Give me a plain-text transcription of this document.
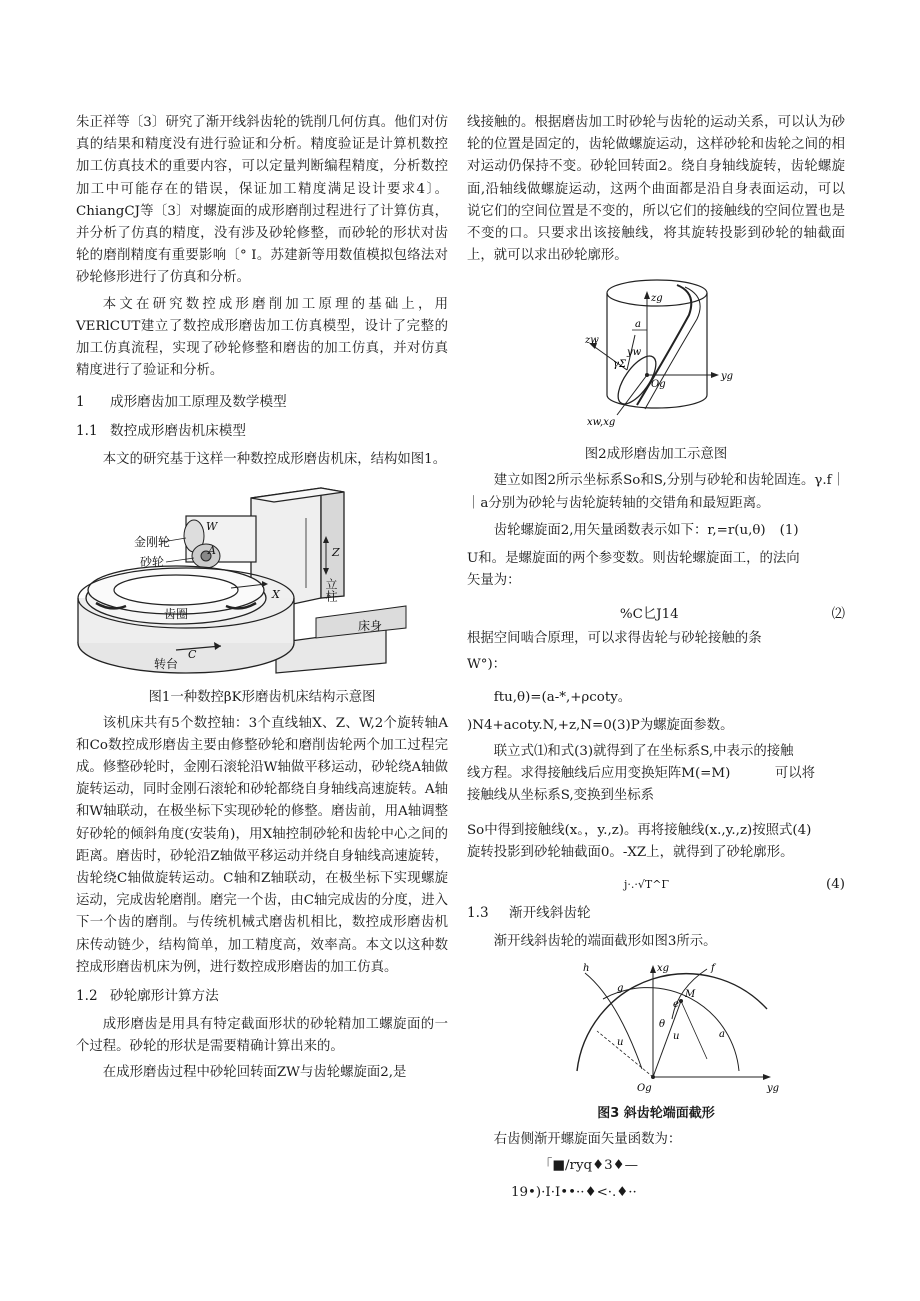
朱正祥等〔3〕研究了渐开线斜齿轮的铣削几何仿真。他们对仿真的结果和精度没有进行验证和分析。精度验证是计算机数控加工仿真技术的重要内容，可以定量判断编程精度，分析数控加工中可能存在的错误，保证加工精度满足设计要求4〕。ChiangCJ等〔3〕对螺旋面的成形磨削过程进行了计算仿真，并分析了仿真的精度，没有涉及砂轮修整，而砂轮的形状对齿轮的磨削精度有重要影响〔° I。苏建新等用数值模拟包络法对砂轮修形进行了仿真和分析。

本文在研究数控成形磨削加工原理的基础上，用VERlCUT建立了数控成形磨齿加工仿真模型，设计了完整的加工仿真流程，实现了砂轮修整和磨齿的加工仿真，并对仿真精度进行了验证和分析。

1 成形磨齿加工原理及数学模型
1.1 数控成形磨齿机床模型

本文的研究基于这样一种数控成形磨齿机床，结构如图1。

金刚轮
砂轮
齿圈
立柱
床身
转台
W
A	Z
X
C
图1一种数控βK形磨齿机床结构示意图

该机床共有5个数控轴：3个直线轴X、Z、W,2个旋转轴A和Co数控成形磨齿主要由修整砂轮和磨削齿轮两个加工过程完成。修整砂轮时，金刚石滚轮沿W轴做平移运动，砂轮绕A轴做旋转运动，同时金刚石滚轮和砂轮都绕自身轴线高速旋转。A轴和W轴联动，在极坐标下实现砂轮的修整。磨齿前，用A轴调整好砂轮的倾斜角度(安装角)，用X轴控制砂轮和齿轮中心之间的距离。磨齿时，砂轮沿Z轴做平移运动并绕自身轴线高速旋转，齿轮绕C轴做旋转运动。C轴和Z轴联动，在极坐标下实现螺旋运动，完成齿轮磨削。磨完一个齿，由C轴完成齿的分度，进入下一个齿的磨削。与传统机械式磨齿机相比，数控成形磨齿机床传动链少，结构简单，加工精度高，效率高。本文以这种数控成形磨齿机床为例，进行数控成形磨齿的加工仿真。

1.2 砂轮廓形计算方法

成形磨齿是用具有特定截面形状的砂轮精加工螺旋面的一个过程。砂轮的形状是需要精确计算出来的。

在成形磨齿过程中砂轮回转面ZW与齿轮螺旋面2,是

线接触的。根据磨齿加工时砂轮与齿轮的运动关系，可以认为砂轮的位置是固定的，齿轮做螺旋运动，这样砂轮和齿轮之间的相对运动仍保持不变。砂轮回转面2。绕自身轴线旋转，齿轮螺旋面,沿轴线做螺旋运动，这两个曲面都是沿自身表面运动，可以说它们的空间位置是不变的，所以它们的接触线的空间位置也是不变的口。只要求出该接触线，将其旋转投影到砂轮的轴截面上，就可以求出砂轮廓形。

zg
zw
yg
yw
a
γΣ
Og
xw,xg
图2成形磨齿加工示意图

建立如图2所示坐标系So和S,分别与砂轮和齿轮固连。γ.f｜｜a分别为砂轮与齿轮旋转轴的交错角和最短距离。

齿轮螺旋面2,用矢量函数表示如下：r,=r(u,θ) (1)
U和。是螺旋面的两个参变数。则齿轮螺旋面工，的法向
矢量为：
%C匕J14	⑵
根据空间啮合原理，可以求得齿轮与砂轮接触的条
W°)：
ftu,θ)=(a-*,+ρcoty。
)N4+acoty.N,+z,N=0(3)P为螺旋面参数。
联立式⑴和式(3)就得到了在坐标系S,中表示的接触
线方程。求得接触线后应用变换矩阵M(=M)	可以将
接触线从坐标系S,变换到坐标系
So中得到接触线(x。，y.,z)。再将接触线(x.,y.,z)按照式(4)
旋转投影到砂轮轴截面0。-XZ上，就得到了砂轮廓形。
j·.·√T^Γ	(4)
1.3 渐开线斜齿轮

渐开线斜齿轮的端面截形如图3所示。

h
g
xg
M
e
f
a
θ
u
u
Og	yg
图3 斜齿轮端面截形

右齿侧渐开螺旋面矢量函数为：

「■/ryq♦3♦—
19•)·I·I••··♦<·.♦··
